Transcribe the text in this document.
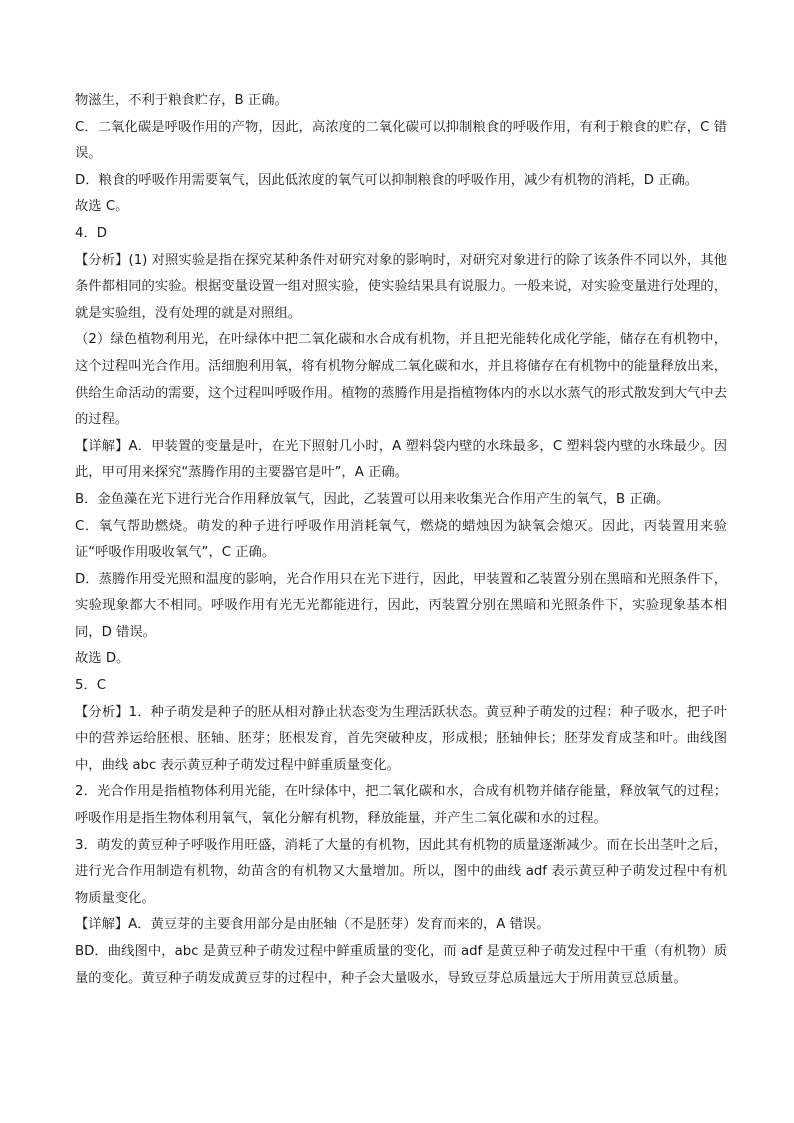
物滋生，不利于粮食贮存，B 正确。

C．二氧化碳是呼吸作用的产物，因此，高浓度的二氧化碳可以抑制粮食的呼吸作用，有利于粮食的贮存，C 错误。

D．粮食的呼吸作用需要氧气，因此低浓度的氧气可以抑制粮食的呼吸作用，减少有机物的消耗，D 正确。

故选 C。

4．D

【分析】(1) 对照实验是指在探究某种条件对研究对象的影响时，对研究对象进行的除了该条件不同以外，其他条件都相同的实验。根据变量设置一组对照实验，使实验结果具有说服力。一般来说，对实验变量进行处理的，就是实验组，没有处理的就是对照组。

（2）绿色植物利用光，在叶绿体中把二氧化碳和水合成有机物，并且把光能转化成化学能，储存在有机物中，这个过程叫光合作用。活细胞利用氧，将有机物分解成二氧化碳和水，并且将储存在有机物中的能量释放出来，供给生命活动的需要，这个过程叫呼吸作用。植物的蒸腾作用是指植物体内的水以水蒸气的形式散发到大气中去的过程。

【详解】A．甲装置的变量是叶，在光下照射几小时，A 塑料袋内壁的水珠最多，C 塑料袋内壁的水珠最少。因此，甲可用来探究“蒸腾作用的主要器官是叶”，A 正确。

B．金鱼藻在光下进行光合作用释放氧气，因此，乙装置可以用来收集光合作用产生的氧气，B 正确。

C．氧气帮助燃烧。萌发的种子进行呼吸作用消耗氧气，燃烧的蜡烛因为缺氧会熄灭。因此，丙装置用来验证“呼吸作用吸收氧气”，C 正确。

D．蒸腾作用受光照和温度的影响，光合作用只在光下进行，因此，甲装置和乙装置分别在黑暗和光照条件下，实验现象都大不相同。呼吸作用有光无光都能进行，因此，丙装置分别在黑暗和光照条件下，实验现象基本相同，D 错误。

故选 D。

5．C

【分析】1．种子萌发是种子的胚从相对静止状态变为生理活跃状态。黄豆种子萌发的过程：种子吸水，把子叶中的营养运给胚根、胚轴、胚芽；胚根发育，首先突破种皮，形成根；胚轴伸长；胚芽发育成茎和叶。曲线图中，曲线 abc 表示黄豆种子萌发过程中鲜重质量变化。

2．光合作用是指植物体利用光能，在叶绿体中，把二氧化碳和水，合成有机物并储存能量，释放氧气的过程；呼吸作用是指生物体利用氧气，氧化分解有机物，释放能量，并产生二氧化碳和水的过程。

3．萌发的黄豆种子呼吸作用旺盛，消耗了大量的有机物，因此其有机物的质量逐渐减少。而在长出茎叶之后，进行光合作用制造有机物，幼苗含的有机物又大量增加。所以，图中的曲线 adf 表示黄豆种子萌发过程中有机物质量变化。

【详解】A．黄豆芽的主要食用部分是由胚轴（不是胚芽）发育而来的，A 错误。

BD．曲线图中，abc 是黄豆种子萌发过程中鲜重质量的变化，而 adf 是黄豆种子萌发过程中干重（有机物）质量的变化。黄豆种子萌发成黄豆芽的过程中，种子会大量吸水，导致豆芽总质量远大于所用黄豆总质量。
